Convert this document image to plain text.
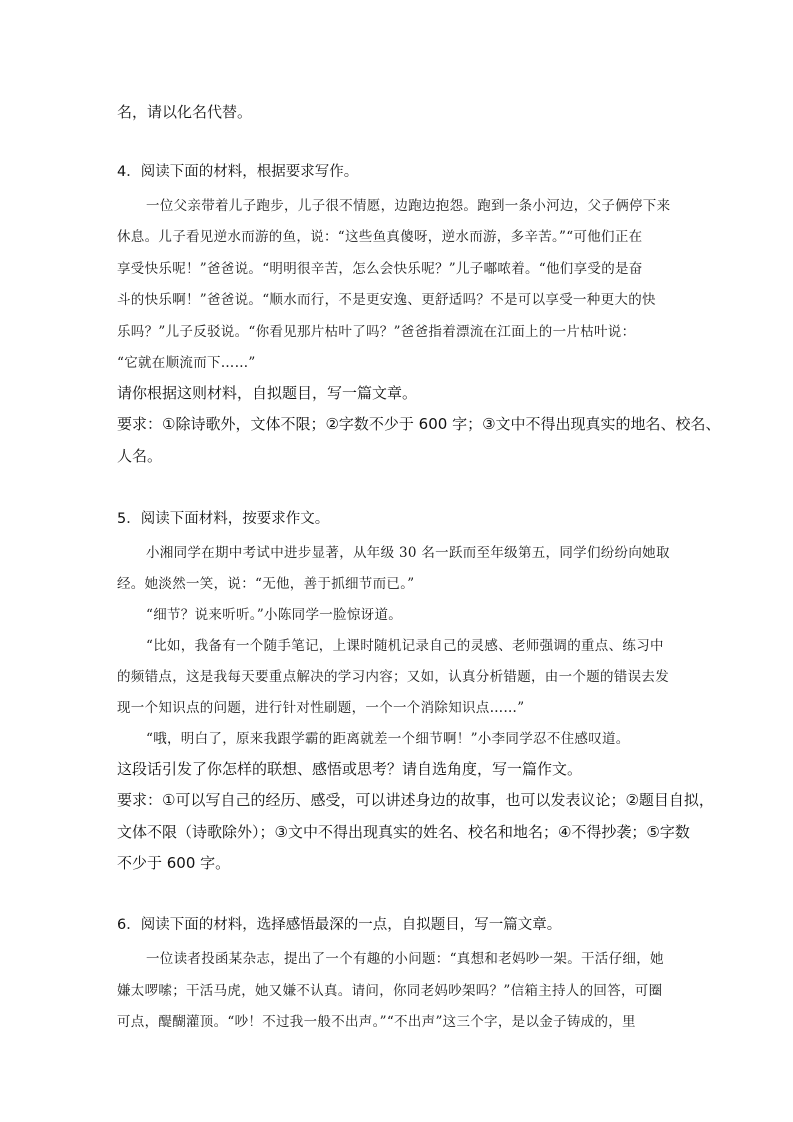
名，请以化名代替。
4．阅读下面的材料，根据要求写作。
一位父亲带着儿子跑步，儿子很不情愿，边跑边抱怨。跑到一条小河边，父子俩停下来
休息。儿子看见逆水而游的鱼，说：“这些鱼真傻呀，逆水而游，多辛苦。”“可他们正在
享受快乐呢！”爸爸说。“明明很辛苦，怎么会快乐呢？”儿子嘟哝着。“他们享受的是奋
斗的快乐啊！”爸爸说。“顺水而行，不是更安逸、更舒适吗？不是可以享受一种更大的快
乐吗？”儿子反驳说。“你看见那片枯叶了吗？”爸爸指着漂流在江面上的一片枯叶说：
“它就在顺流而下……”
请你根据这则材料，自拟题目，写一篇文章。
要求：①除诗歌外，文体不限；②字数不少于 600 字；③文中不得出现真实的地名、校名、
人名。
5．阅读下面材料，按要求作文。
小湘同学在期中考试中进步显著，从年级 30 名一跃而至年级第五，同学们纷纷向她取
经。她淡然一笑，说：“无他，善于抓细节而已。”
“细节？说来听听。”小陈同学一脸惊讶道。
“比如，我备有一个随手笔记，上课时随机记录自己的灵感、老师强调的重点、练习中
的频错点，这是我每天要重点解决的学习内容；又如，认真分析错题，由一个题的错误去发
现一个知识点的问题，进行针对性刷题，一个一个消除知识点……”
“哦，明白了，原来我跟学霸的距离就差一个细节啊！”小李同学忍不住感叹道。
这段话引发了你怎样的联想、感悟或思考？请自选角度，写一篇作文。
要求：①可以写自己的经历、感受，可以讲述身边的故事，也可以发表议论；②题目自拟，
文体不限（诗歌除外）；③文中不得出现真实的姓名、校名和地名；④不得抄袭；⑤字数
不少于 600 字。
6．阅读下面的材料，选择感悟最深的一点，自拟题目，写一篇文章。
一位读者投函某杂志，提出了一个有趣的小问题：“真想和老妈吵一架。干活仔细，她
嫌太啰嗦；干活马虎，她又嫌不认真。请问，你同老妈吵架吗？”信箱主持人的回答，可圈
可点，醍醐灌顶。“吵！不过我一般不出声。”“不出声”这三个字，是以金子铸成的，里
